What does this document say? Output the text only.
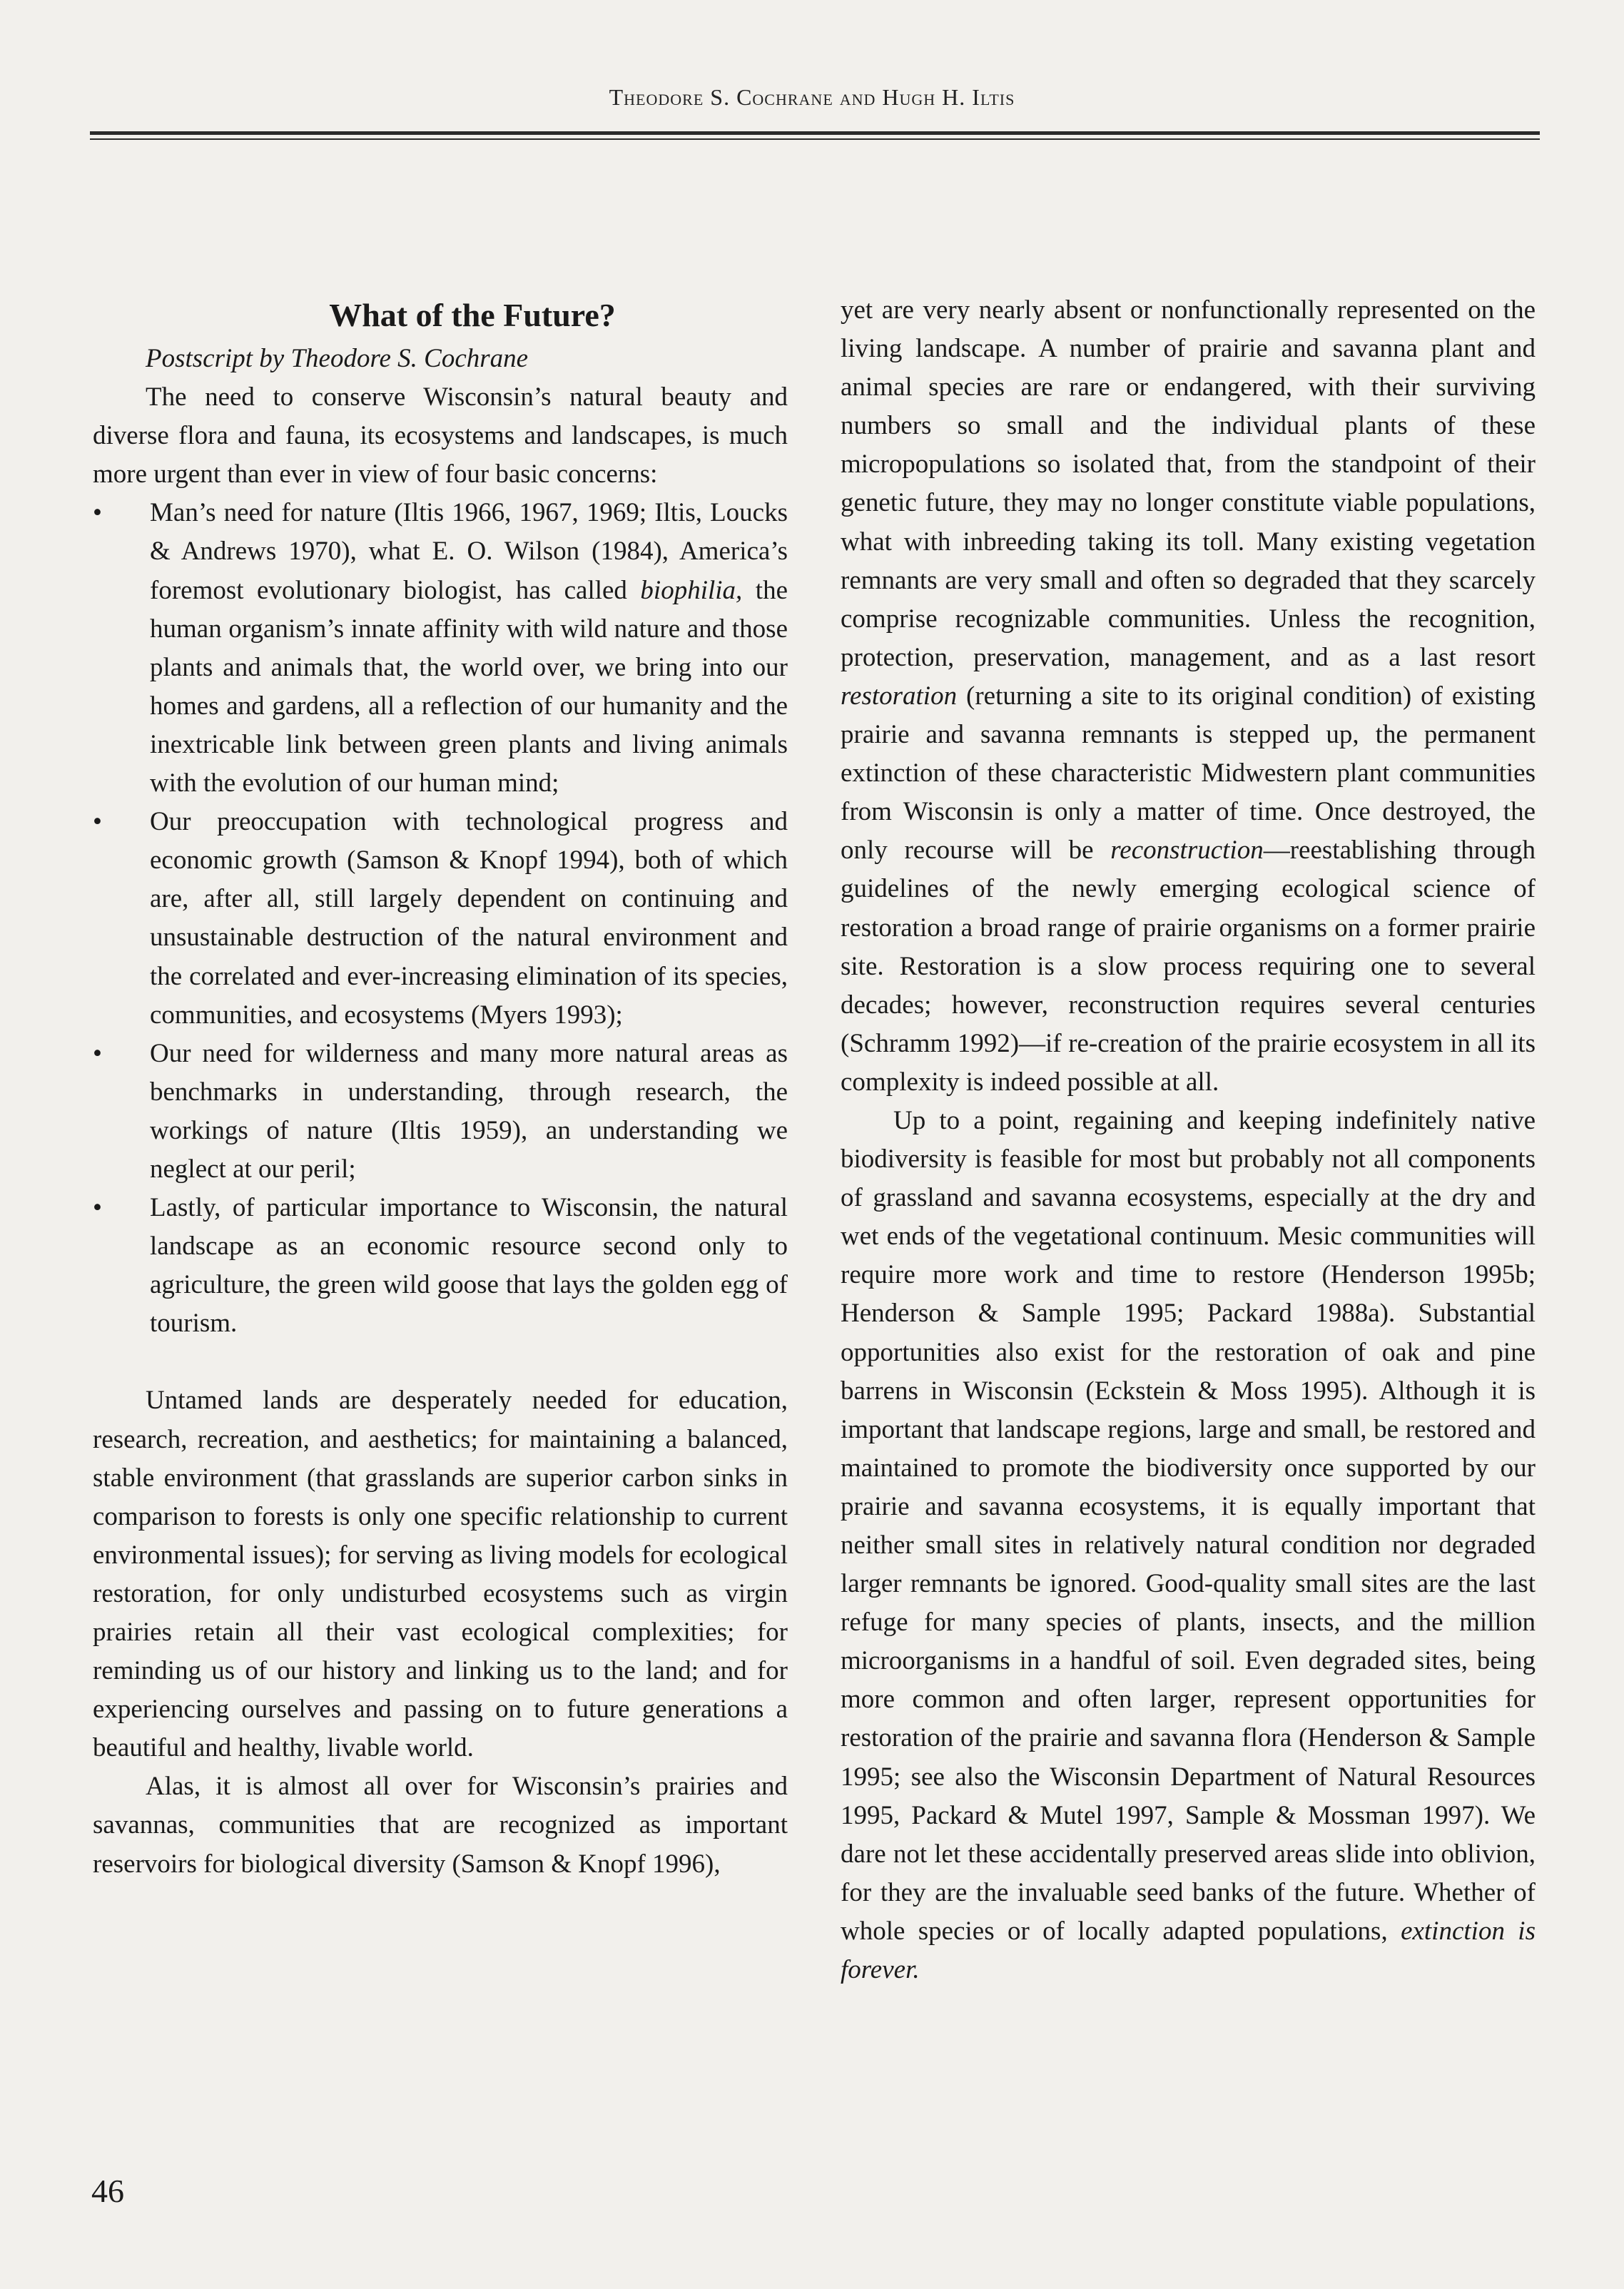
Theodore S. Cochrane and Hugh H. Iltis
What of the Future?

Postscript by Theodore S. Cochrane

The need to conserve Wisconsin’s natural beauty and diverse flora and fauna, its ecosystems and landscapes, is much more urgent than ever in view of four basic concerns:

• Man’s need for nature (Iltis 1966, 1967, 1969; Iltis, Loucks & Andrews 1970), what E. O. Wilson (1984), America’s foremost evolutionary biologist, has called biophilia, the human organism’s innate affinity with wild nature and those plants and animals that, the world over, we bring into our homes and gardens, all a reflection of our humanity and the inextricable link between green plants and living animals with the evolution of our human mind;
• Our preoccupation with technological progress and economic growth (Samson & Knopf 1994), both of which are, after all, still largely dependent on continuing and unsustainable destruction of the natural environment and the correlated and ever-increasing elimination of its species, communities, and ecosystems (Myers 1993);
• Our need for wilderness and many more natural areas as benchmarks in understanding, through research, the workings of nature (Iltis 1959), an understanding we neglect at our peril;
• Lastly, of particular importance to Wisconsin, the natural landscape as an economic resource second only to agriculture, the green wild goose that lays the golden egg of tourism.

Untamed lands are desperately needed for education, research, recreation, and aesthetics; for maintaining a balanced, stable environment (that grasslands are superior carbon sinks in comparison to forests is only one specific relationship to current environmental issues); for serving as living models for ecological restoration, for only undisturbed ecosystems such as virgin prairies retain all their vast ecological complexities; for reminding us of our history and linking us to the land; and for experiencing ourselves and passing on to future generations a beautiful and healthy, livable world.

Alas, it is almost all over for Wisconsin’s prairies and savannas, communities that are recognized as important reservoirs for biological diversity (Samson & Knopf 1996),

yet are very nearly absent or nonfunctionally represented on the living landscape. A number of prairie and savanna plant and animal species are rare or endangered, with their surviving numbers so small and the individual plants of these micropopulations so isolated that, from the standpoint of their genetic future, they may no longer constitute viable populations, what with inbreeding taking its toll. Many existing vegetation remnants are very small and often so degraded that they scarcely comprise recognizable communities. Unless the recognition, protection, preservation, management, and as a last resort restoration (returning a site to its original condition) of existing prairie and savanna remnants is stepped up, the permanent extinction of these characteristic Midwestern plant communities from Wisconsin is only a matter of time. Once destroyed, the only recourse will be reconstruction—reestablishing through guidelines of the newly emerging ecological science of restoration a broad range of prairie organisms on a former prairie site. Restoration is a slow process requiring one to several decades; however, reconstruction requires several centuries (Schramm 1992)—if re-creation of the prairie ecosystem in all its complexity is indeed possible at all.

Up to a point, regaining and keeping indefinitely native biodiversity is feasible for most but probably not all components of grassland and savanna ecosystems, especially at the dry and wet ends of the vegetational continuum. Mesic communities will require more work and time to restore (Henderson 1995b; Henderson & Sample 1995; Packard 1988a). Substantial opportunities also exist for the restoration of oak and pine barrens in Wisconsin (Eckstein & Moss 1995). Although it is important that landscape regions, large and small, be restored and maintained to promote the biodiversity once supported by our prairie and savanna ecosystems, it is equally important that neither small sites in relatively natural condition nor degraded larger remnants be ignored. Good-quality small sites are the last refuge for many species of plants, insects, and the million microorganisms in a handful of soil. Even degraded sites, being more common and often larger, represent opportunities for restoration of the prairie and savanna flora (Henderson & Sample 1995; see also the Wisconsin Department of Natural Resources 1995, Packard & Mutel 1997, Sample & Mossman 1997). We dare not let these accidentally preserved areas slide into oblivion, for they are the invaluable seed banks of the future. Whether of whole species or of locally adapted populations, extinction is forever.

46
